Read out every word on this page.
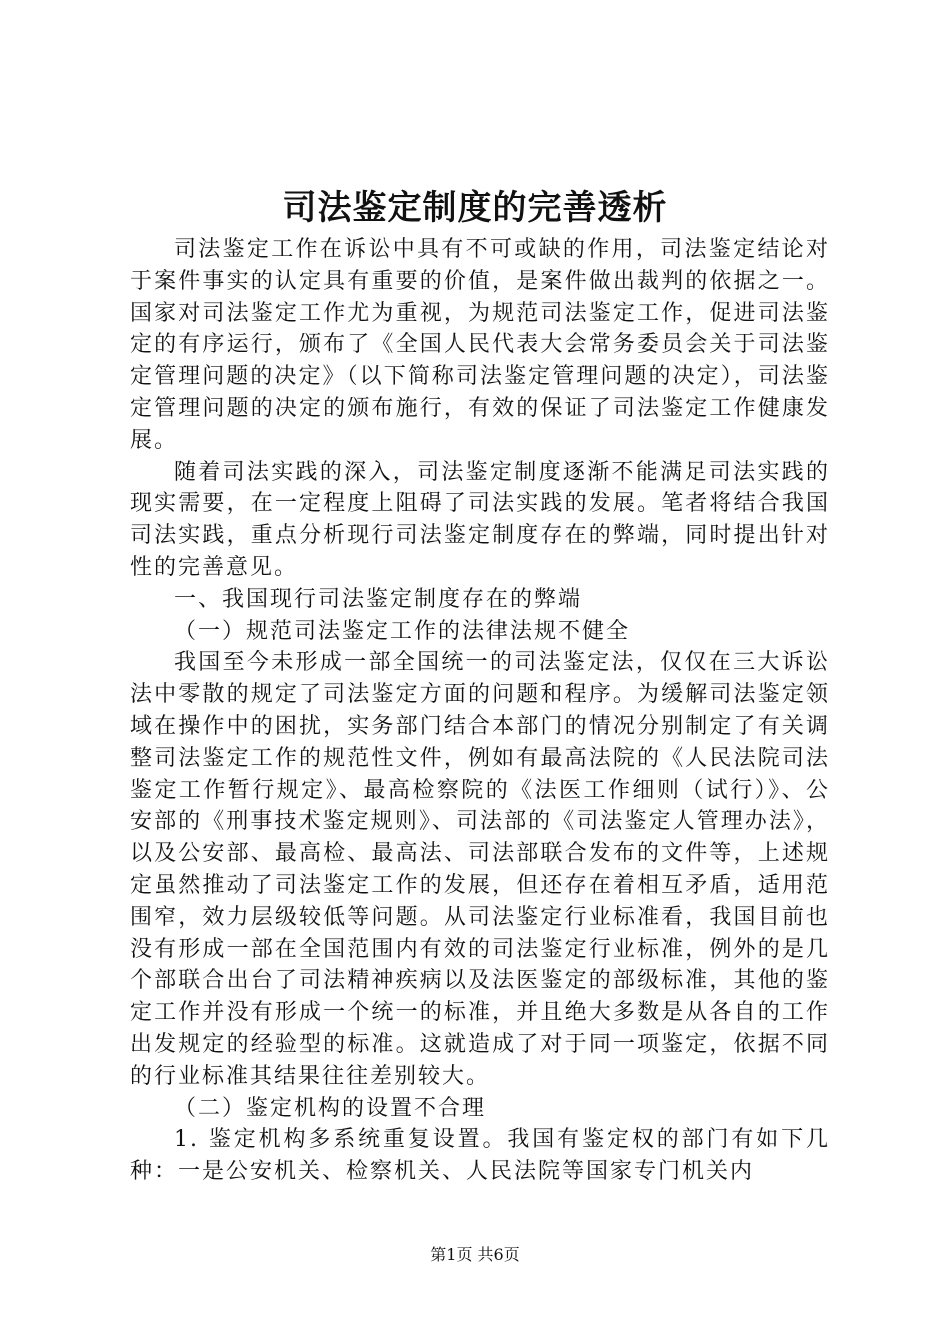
司法鉴定制度的完善透析

司法鉴定工作在诉讼中具有不可或缺的作用，司法鉴定结论对于案件事实的认定具有重要的价值，是案件做出裁判的依据之一。国家对司法鉴定工作尤为重视，为规范司法鉴定工作，促进司法鉴定的有序运行，颁布了《全国人民代表大会常务委员会关于司法鉴定管理问题的决定》（以下简称司法鉴定管理问题的决定），司法鉴定管理问题的决定的颁布施行，有效的保证了司法鉴定工作健康发展。

随着司法实践的深入，司法鉴定制度逐渐不能满足司法实践的现实需要，在一定程度上阻碍了司法实践的发展。笔者将结合我国司法实践，重点分析现行司法鉴定制度存在的弊端，同时提出针对性的完善意见。

一、我国现行司法鉴定制度存在的弊端

（一）规范司法鉴定工作的法律法规不健全

我国至今未形成一部全国统一的司法鉴定法，仅仅在三大诉讼法中零散的规定了司法鉴定方面的问题和程序。为缓解司法鉴定领域在操作中的困扰，实务部门结合本部门的情况分别制定了有关调整司法鉴定工作的规范性文件，例如有最高法院的《人民法院司法鉴定工作暂行规定》、最高检察院的《法医工作细则（试行）》、公安部的《刑事技术鉴定规则》、司法部的《司法鉴定人管理办法》，以及公安部、最高检、最高法、司法部联合发布的文件等，上述规定虽然推动了司法鉴定工作的发展，但还存在着相互矛盾，适用范围窄，效力层级较低等问题。从司法鉴定行业标准看，我国目前也没有形成一部在全国范围内有效的司法鉴定行业标准，例外的是几个部联合出台了司法精神疾病以及法医鉴定的部级标准，其他的鉴定工作并没有形成一个统一的标准，并且绝大多数是从各自的工作出发规定的经验型的标准。这就造成了对于同一项鉴定，依据不同的行业标准其结果往往差别较大。

（二）鉴定机构的设置不合理

1. 鉴定机构多系统重复设置。我国有鉴定权的部门有如下几种：一是公安机关、检察机关、人民法院等国家专门机关内

第1页 共6页
